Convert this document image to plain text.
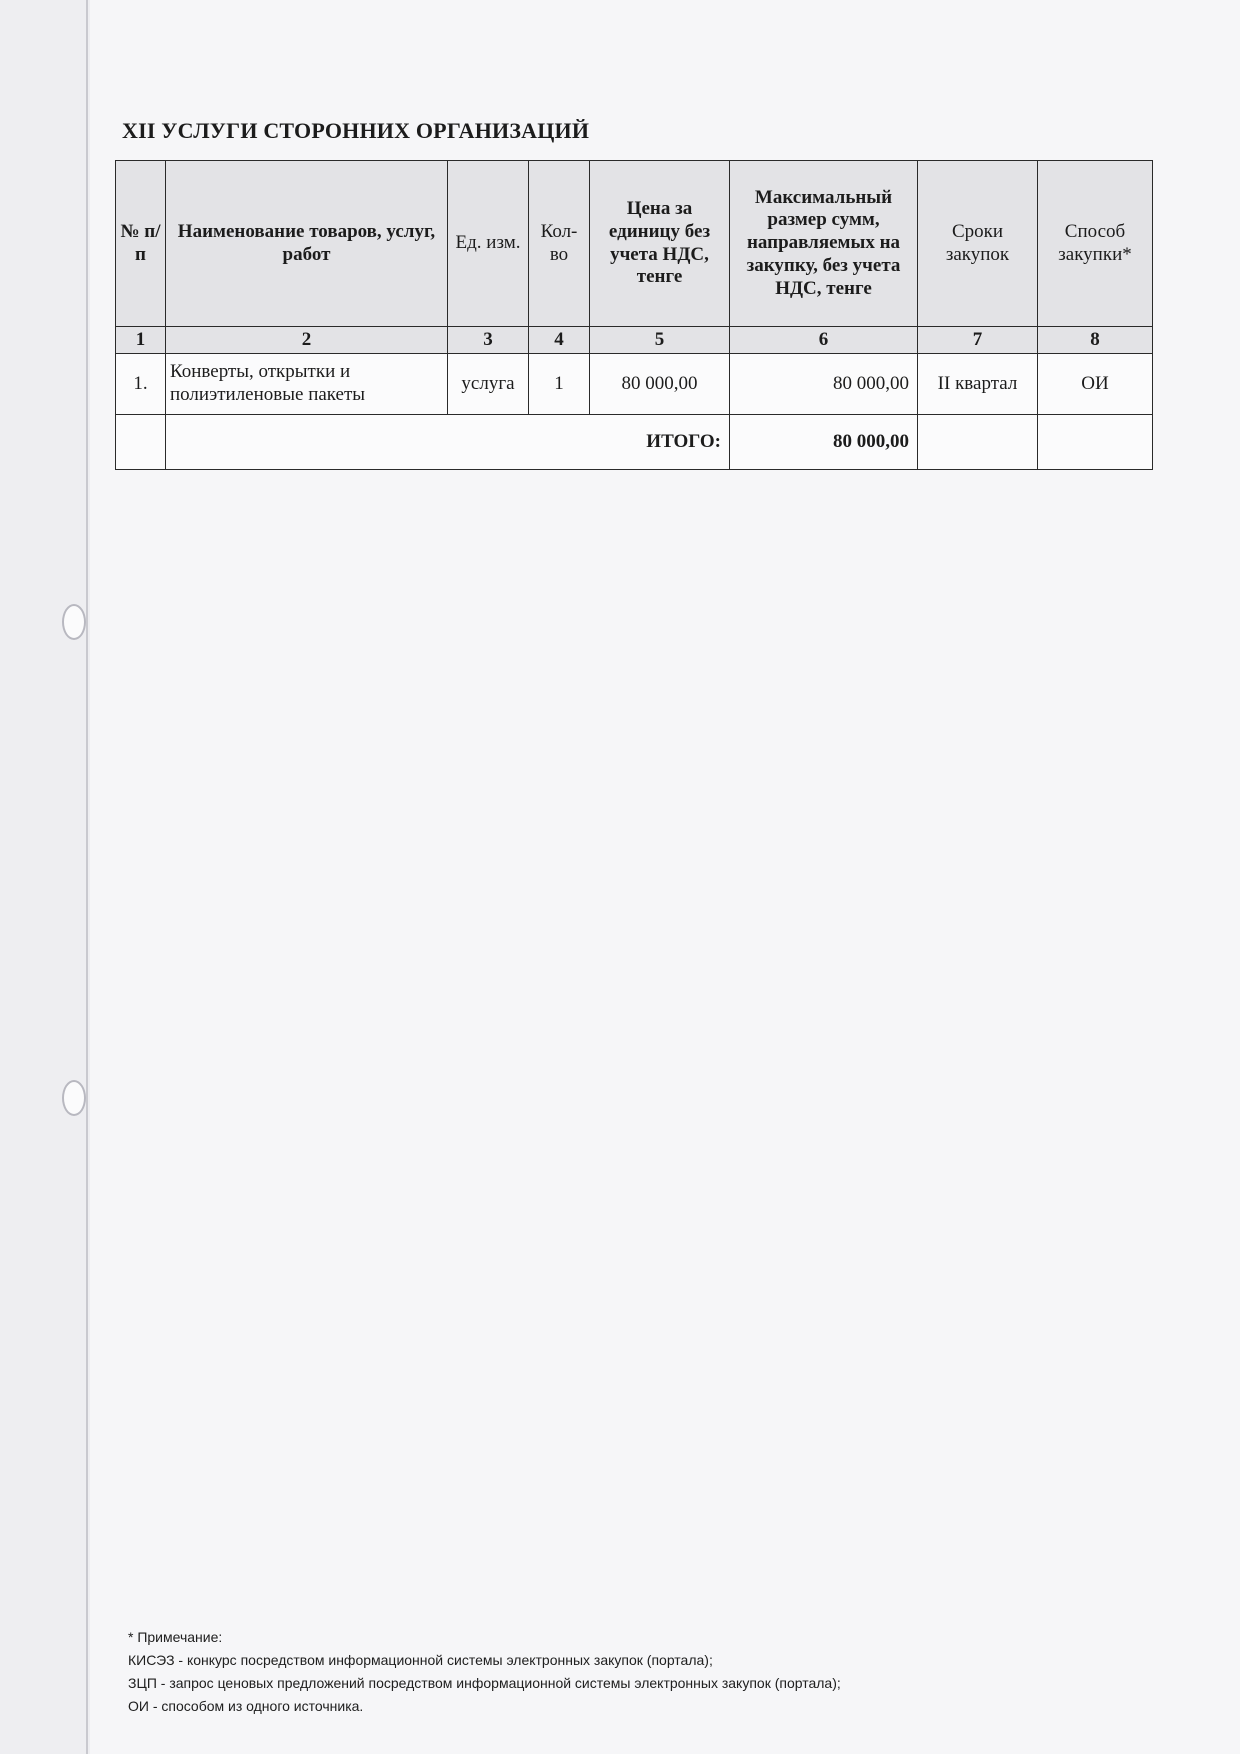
XII УСЛУГИ СТОРОННИХ ОРГАНИЗАЦИЙ
№ п/п	Наименование товаров, услуг, работ	Ед. изм.	Кол-во	Цена за единицу без учета НДС, тенге	Максимальный размер сумм, направляемых на закупку, без учета НДС, тенге	Сроки закупок	Способ закупки*
1	2	3	4	5	6	7	8
1.	Конверты, открытки и полиэтиленовые пакеты	услуга	1	80 000,00	80 000,00	II квартал	ОИ
	ИТОГО:				80 000,00		
* Примечание:
КИСЭЗ - конкурс посредством информационной системы электронных закупок (портала);
ЗЦП - запрос ценовых предложений посредством информационной системы электронных закупок (портала);
ОИ - способом из одного источника.
